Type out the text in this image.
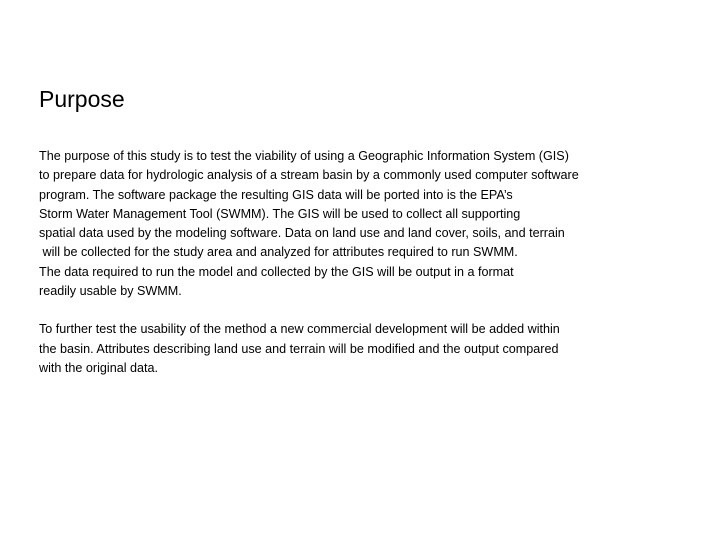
Purpose
The purpose of this study is to test the viability of using a Geographic Information System (GIS)
to prepare data for hydrologic analysis of a stream basin by a commonly used computer software
program. The software package the resulting GIS data will be ported into is the EPA’s
Storm Water Management Tool (SWMM). The GIS will be used to collect all supporting
spatial data used by the modeling software. Data on land use and land cover, soils, and terrain
will be collected for the study area and analyzed for attributes required to run SWMM.
The data required to run the model and collected by the GIS will be output in a format
readily usable by SWMM.
To further test the usability of the method a new commercial development will be added within
the basin. Attributes describing land use and terrain will be modified and the output compared
with the original data.
